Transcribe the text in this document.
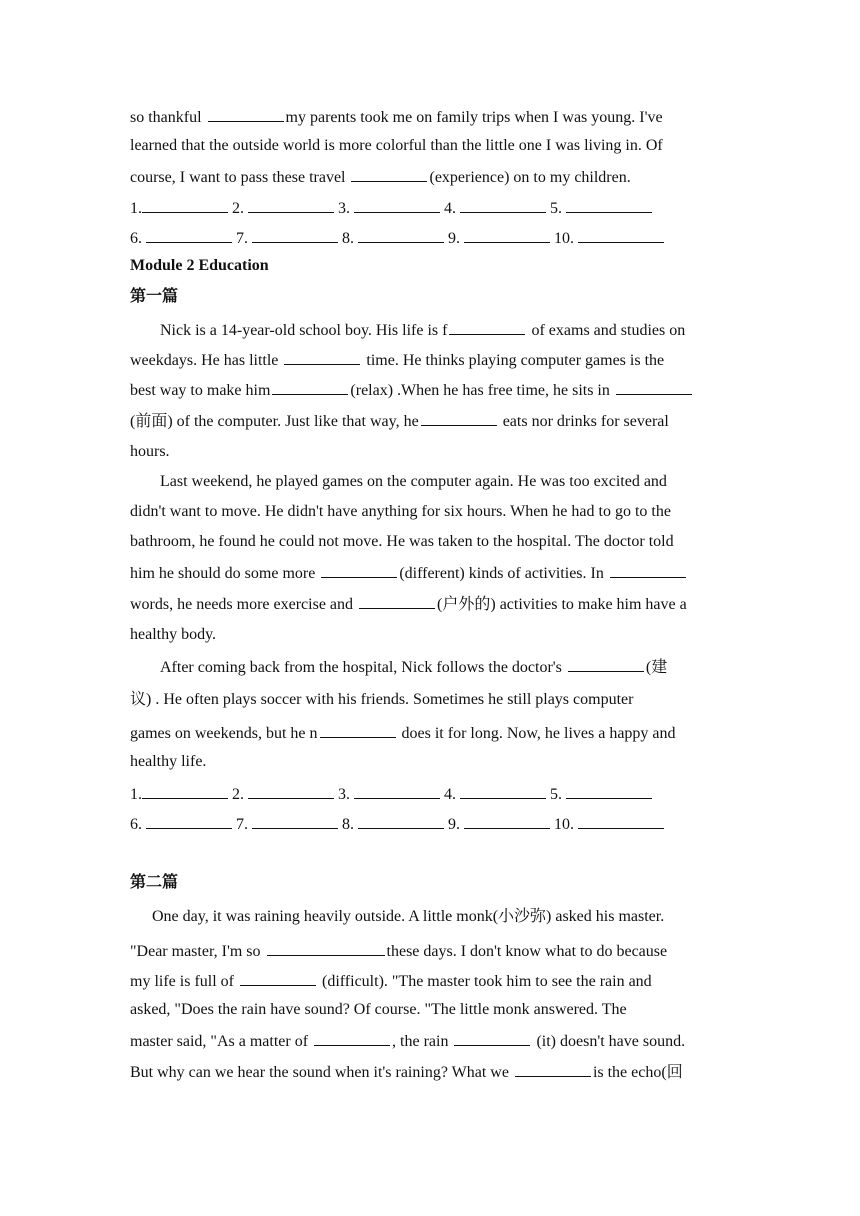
so thankful	my parents took me on family trips when I was young. I've
learned that the outside world is more colorful than the little one I was living in. Of
course, I want to pass these travel	(experience) on to my children.
1.	2.	3.	4.	5.
6.	7.	8.	9.	10.
Module 2 Education
第一篇
Nick is a 14-year-old school boy. His life is f	of exams and studies on
weekdays. He has little	time. He thinks playing computer games is the
best way to make him	(relax) .When he has free time, he sits in
(前面) of the computer. Just like that way, he	eats nor drinks for several
hours.
Last weekend, he played games on the computer again. He was too excited and
didn't want to move. He didn't have anything for six hours. When he had to go to the
bathroom, he found he could not move. He was taken to the hospital. The doctor told
him he should do some more	(different) kinds of activities. In
words, he needs more exercise and	(户外的) activities to make him have a
healthy body.
After coming back from the hospital, Nick follows the doctor's	(建
议) . He often plays soccer with his friends. Sometimes he still plays computer
games on weekends, but he n	does it for long. Now, he lives a happy and
healthy life.
1.	2.	3.	4.	5.
6.	7.	8.	9.	10.
第二篇
One day, it was raining heavily outside. A little monk(小沙弥) asked his master.
"Dear master, I'm so	these days. I don't know what to do because
my life is full of	(difficult). "The master took him to see the rain and
asked, "Does the rain have sound? Of course. "The little monk answered. The
master said, "As a matter of	, the rain	(it) doesn't have sound.
But why can we hear the sound when it's raining? What we	is the echo(回
